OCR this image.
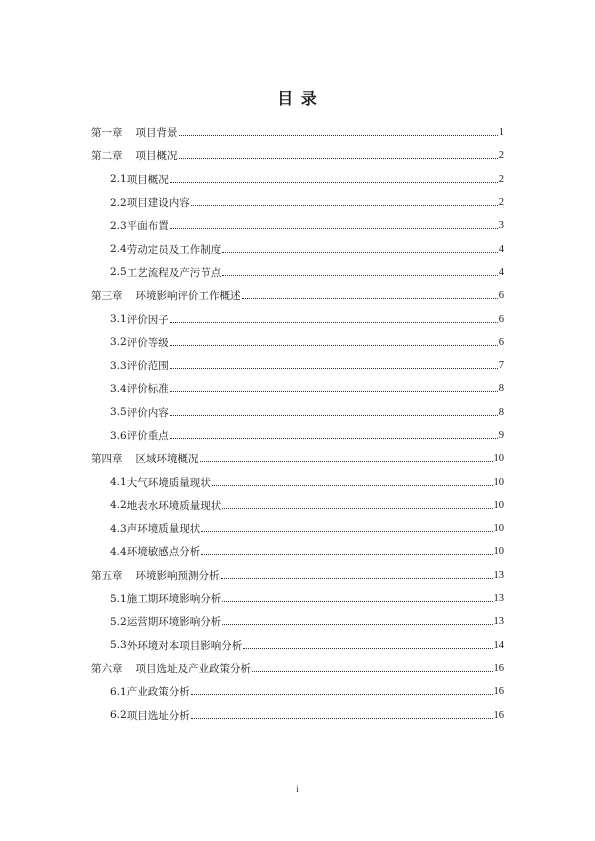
目 录
第一章 项目背景	1
第二章 项目概况	2
2.1 项目概况	2
2.2 项目建设内容	2
2.3 平面布置	3
2.4 劳动定员及工作制度	4
2.5 工艺流程及产污节点	4
第三章 环境影响评价工作概述	6
3.1 评价因子	6
3.2 评价等级	6
3.3 评价范围	7
3.4 评价标准	8
3.5 评价内容	8
3.6 评价重点	9
第四章 区域环境概况	10
4.1 大气环境质量现状	10
4.2 地表水环境质量现状	10
4.3 声环境质量现状	10
4.4 环境敏感点分析	10
第五章 环境影响预测分析	13
5.1 施工期环境影响分析	13
5.2 运营期环境影响分析	13
5.3 外环境对本项目影响分析	14
第六章 项目选址及产业政策分析	16
6.1 产业政策分析	16
6.2 项目选址分析	16
i
